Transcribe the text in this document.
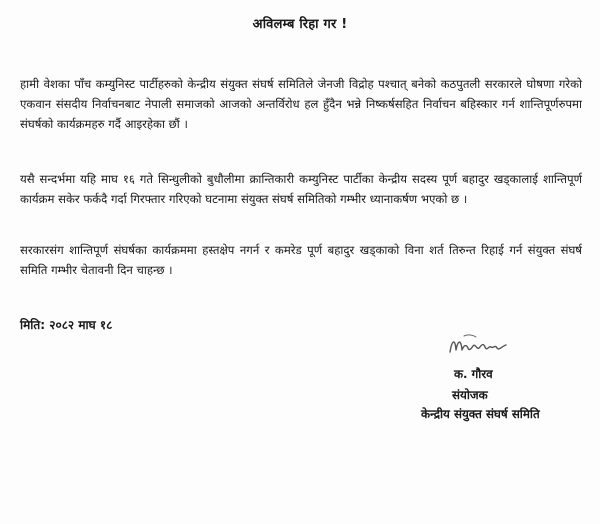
अविलम्ब रिहा गर !
हामी वेशका पाँच कम्युनिस्ट पार्टीहरुको केन्द्रीय संयुक्त संघर्ष समितिले जेनजी विद्रोह पश्चात् बनेको कठपुतली सरकारले घोषणा गरेको एकवान संसदीय निर्वाचनबाट नेपाली समाजको आजको अन्तर्विरोध हल हुँदैन भन्ने निष्कर्षसहित निर्वाचन बहिस्कार गर्न शान्तिपूर्णरुपमा संघर्षको कार्यक्रमहरु गर्दै आइरहेका छौं ।
यसै सन्दर्भमा यहि माघ १६ गते सिन्धुलीको बुधौलीमा क्रान्तिकारी कम्युनिस्ट पार्टीका केन्द्रीय सदस्य पूर्ण बहादुर खड्कालाई शान्तिपूर्ण कार्यक्रम सकेर फर्कदै गर्दा गिरफ्तार गरिएको घटनामा संयुक्त संघर्ष समितिको गम्भीर ध्यानाकर्षण भएको छ ।
सरकारसंग शान्तिपूर्ण संघर्षका कार्यक्रममा हस्तक्षेप नगर्न र कमरेड पूर्ण बहादुर खड्काको विना शर्त तिरुन्त रिहाई गर्न संयुक्त संघर्ष समिति गम्भीर चेतावनी दिन चाहन्छ ।
मिति: २०८२ माघ १८
क. गौरव
संयोजक
केन्द्रीय संयुक्त संघर्ष समिति
